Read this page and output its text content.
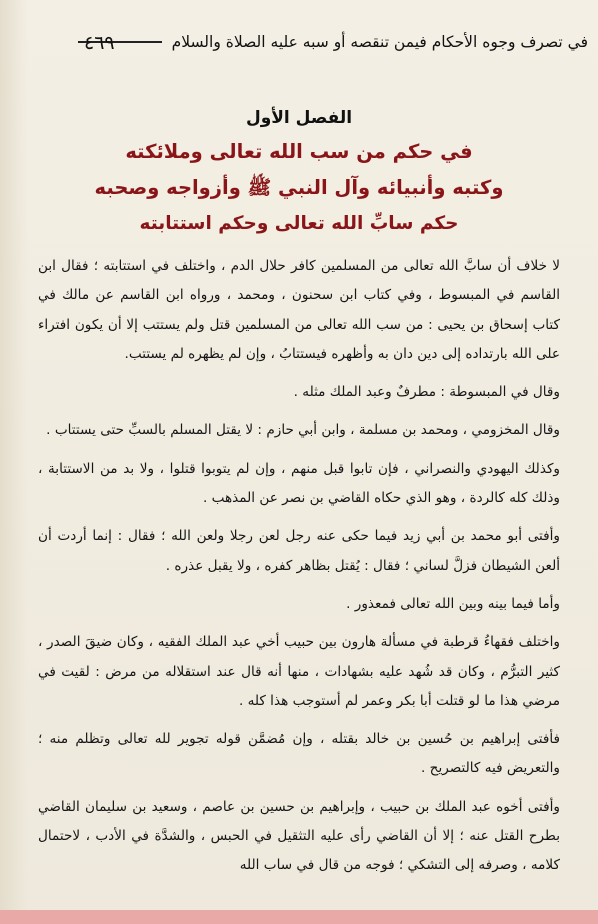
في تصرف وجوه الأحكام فيمن تنقصه أو سبه عليه الصلاة والسلام
٤٦٩
الفصل الأول
في حكم من سب الله تعالى وملائكته
وكتبه وأنبيائه وآل النبي ﷺ وأزواجه وصحبه
حكم سابِّ الله تعالى وحكم استتابته

لا خلاف أن سابَّ الله تعالى من المسلمين كافر حلال الدم ، واختلف في استتابته ؛ فقال ابن القاسم في المبسوط ، وفي كتاب ابن سحنون ، ومحمد ، ورواه ابن القاسم عن مالك في كتاب إسحاق بن يحيى : من سب الله تعالى من المسلمين قتل ولم يستتب إلا أن يكون افتراء على الله بارتداده إلى دين دان به وأظهره فيستتابُ ، وإن لم يظهره لم يستتب.

وقال في المبسوطة : مطرفٌ وعبد الملك مثله .

وقال المخزومي ، ومحمد بن مسلمة ، وابن أبي حازم : لا يقتل المسلم بالسبِّ حتى يستتاب .

وكذلك اليهودي والنصراني ، فإن تابوا قبل منهم ، وإن لم يتوبوا قتلوا ، ولا بد من الاستتابة ، وذلك كله كالردة ، وهو الذي حكاه القاضي بن نصر عن المذهب .

وأفتى أبو محمد بن أبي زيد فيما حكى عنه رجل لعن رجلا ولعن الله ؛ فقال : إنما أردت أن ألعن الشيطان فزلَّ لساني ؛ فقال : يُقتل بظاهر كفره ، ولا يقبل عذره .

وأما فيما بينه وبين الله تعالى فمعذور .

واختلف فقهاءُ قرطبة في مسألة هارون بين حبيب أخي عبد الملك الفقيه ، وكان ضيقَ الصدر ، كثير التبرُّم ، وكان قد شُهد عليه بشهادات ، منها أنه قال عند استقلاله من مرض : لقيت في مرضي هذا ما لو قتلت أبا بكر وعمر لم أستوجب هذا كله .

فأفتى إبراهيم بن حُسين بن خالد بقتله ، وإن مُضمَّن قوله تجوير لله تعالى وتظلم منه ؛ والتعريض فيه كالتصريح .

وأفتى أخوه عبد الملك بن حبيب ، وإبراهيم بن حسين بن عاصم ، وسعيد بن سليمان القاضي بطرح القتل عنه ؛ إلا أن القاضي رأى عليه التثقيل في الحبس ، والشدَّة في الأدب ، لاحتمال كلامه ، وصرفه إلى التشكي ؛ فوجه من قال في ساب الله
